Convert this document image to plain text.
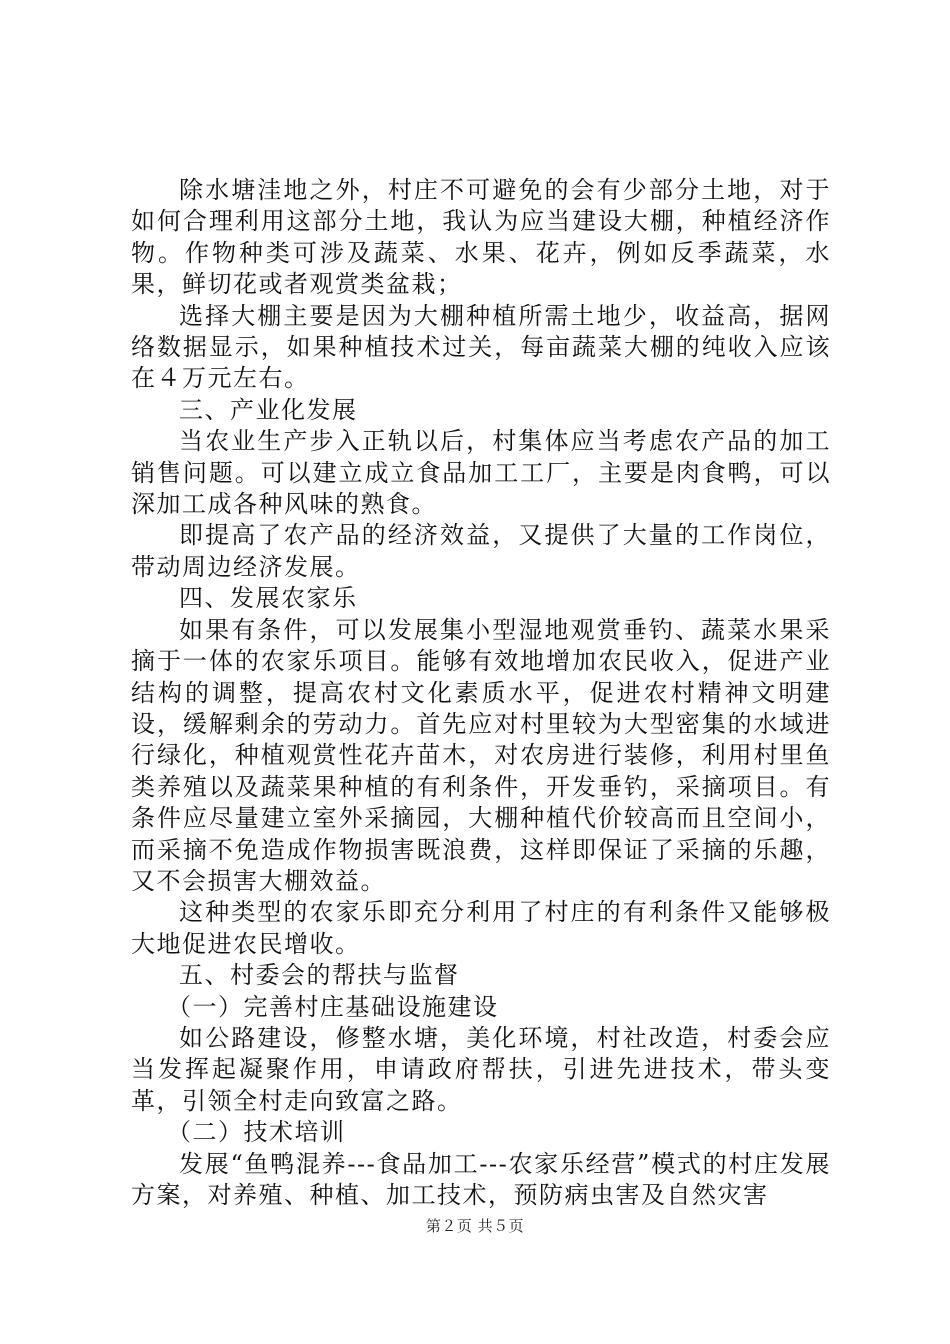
除水塘洼地之外，村庄不可避免的会有少部分土地，对于如何合理利用这部分土地，我认为应当建设大棚，种植经济作物。作物种类可涉及蔬菜、水果、花卉，例如反季蔬菜，水果，鲜切花或者观赏类盆栽；

选择大棚主要是因为大棚种植所需土地少，收益高，据网络数据显示，如果种植技术过关，每亩蔬菜大棚的纯收入应该在４万元左右。

三、产业化发展

当农业生产步入正轨以后，村集体应当考虑农产品的加工销售问题。可以建立成立食品加工工厂，主要是肉食鸭，可以深加工成各种风味的熟食。

即提高了农产品的经济效益，又提供了大量的工作岗位，带动周边经济发展。

四、发展农家乐

如果有条件，可以发展集小型湿地观赏垂钓、蔬菜水果采摘于一体的农家乐项目。能够有效地增加农民收入，促进产业结构的调整，提高农村文化素质水平，促进农村精神文明建设，缓解剩余的劳动力。首先应对村里较为大型密集的水域进行绿化，种植观赏性花卉苗木，对农房进行装修，利用村里鱼类养殖以及蔬菜果种植的有利条件，开发垂钓，采摘项目。有条件应尽量建立室外采摘园，大棚种植代价较高而且空间小，而采摘不免造成作物损害既浪费，这样即保证了采摘的乐趣，又不会损害大棚效益。

这种类型的农家乐即充分利用了村庄的有利条件又能够极大地促进农民增收。

五、村委会的帮扶与监督

（一）完善村庄基础设施建设

如公路建设，修整水塘，美化环境，村社改造，村委会应当发挥起凝聚作用，申请政府帮扶，引进先进技术，带头变革，引领全村走向致富之路。

（二）技术培训

发展“鱼鸭混养---食品加工---农家乐经营”模式的村庄发展方案，对养殖、种植、加工技术，预防病虫害及自然灾害

第２页 共５页
